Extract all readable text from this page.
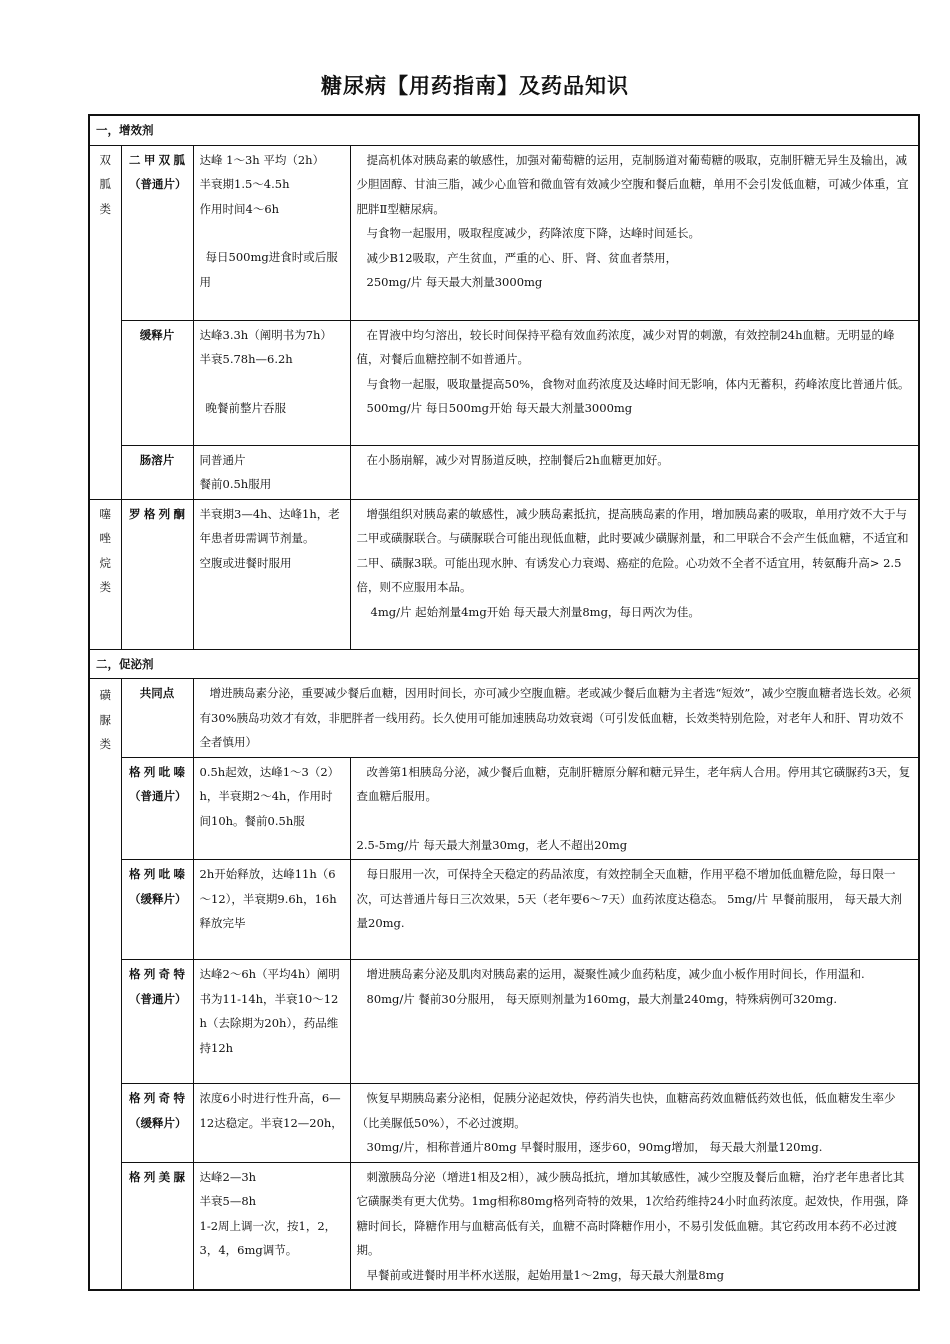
糖尿病【用药指南】及药品知识
一，增效剂			

双胍类	二甲双胍（普通片）	达峰 1～3h 平均（2h）
半衰期1.5～4.5h
作用时间4～6h
每日500mg进食时或后服用	提高机体对胰岛素的敏感性，加强对葡萄糖的运用，克制肠道对葡萄糖的吸取，克制肝糖无异生及输出，减少胆固醇、甘油三脂，减少心血管和微血管有效减少空腹和餐后血糖，单用不会引发低血糖，可减少体重，宜肥胖Ⅱ型糖尿病。
与食物一起服用，吸取程度减少，药降浓度下降，达峰时间延长。
减少B12吸取，产生贫血，严重的心、肝、肾、贫血者禁用，
250mg/片 每天最大剂量3000mg

	缓释片	达峰3.3h（阐明书为7h）
半衰5.78h—6.2h
晚餐前整片吞服	在胃液中均匀溶出，较长时间保持平稳有效血药浓度，减少对胃的刺激，有效控制24h血糖。无明显的峰值，对餐后血糖控制不如普通片。
与食物一起服，吸取量提高50%，食物对血药浓度及达峰时间无影响，体内无蓄积，药峰浓度比普通片低。
500mg/片 每日500mg开始 每天最大剂量3000mg

	肠溶片	同普通片
餐前0.5h服用	在小肠崩解，减少对胃肠道反映，控制餐后2h血糖更加好。

噻唑烷类	罗格列酮	半衰期3—4h、达峰1h，老年患者毋需调节剂量。
空腹或进餐时服用	增强组织对胰岛素的敏感性，减少胰岛素抵抗，提高胰岛素的作用，增加胰岛素的吸取，单用疗效不大于与二甲或磺脲联合。与磺脲联合可能出现低血糖，此时要减少磺脲剂量，和二甲联合不会产生低血糖，不适宜和二甲、磺脲3联。可能出现水肿、有诱发心力衰竭、癌症的危险。心功效不全者不适宜用，转氨酶升高> 2.5倍，则不应服用本品。
4mg/片 起始剂量4mg开始 每天最大剂量8mg，每日两次为佳。

二，促泌剂			

磺脲类	共同点	增进胰岛素分泌，重要减少餐后血糖，因用时间长，亦可减少空腹血糖。老或减少餐后血糖为主者选“短效”，减少空腹血糖者选长效。必须有30%胰岛功效才有效，非肥胖者一线用药。长久使用可能加速胰岛功效衰竭（可引发低血糖，长效类特别危险，对老年人和肝、胃功效不全者慎用）	

	格列吡嗪（普通片）	0.5h起效，达峰1～3（2）h，半衰期2～4h，作用时间10h。餐前0.5h服	改善第1相胰岛分泌，减少餐后血糖，克制肝糖原分解和糖元异生，老年病人合用。停用其它磺脲药3天，复查血糖后服用。
2.5-5mg/片 每天最大剂量30mg，老人不超出20mg

	格列吡嗪（缓释片）	2h开始释放，达峰11h（6～12），半衰期9.6h，16h释放完毕	每日服用一次，可保持全天稳定的药品浓度，有效控制全天血糖，作用平稳不增加低血糖危险，每日限一次，可达普通片每日三次效果，5天（老年要6～7天）血药浓度达稳态。 5mg/片 早餐前服用， 每天最大剂量20mg.

	格列奇特（普通片）	达峰2～6h（平均4h）阐明书为11-14h，半衰10～12h（去除期为20h），药品维持12h	增进胰岛素分泌及肌肉对胰岛素的运用，凝聚性减少血药粘度，减少血小板作用时间长，作用温和.
80mg/片 餐前30分服用， 每天原则剂量为160mg，最大剂量240mg，特殊病例可320mg.

	格列奇特（缓释片）	浓度6小时进行性升高，6—12达稳定。半衰12—20h，	恢复早期胰岛素分泌相，促胰分泌起效快，停药消失也快，血糖高药效血糖低药效也低，低血糖发生率少（比美脲低50%），不必过渡期。
30mg/片，相称普通片80mg 早餐时服用，逐步60，90mg增加， 每天最大剂量120mg.

	格列美脲	达峰2—3h
半衰5—8h
1-2周上调一次，按1，2，3，4，6mg调节。	刺激胰岛分泌（增进1相及2相），减少胰岛抵抗，增加其敏感性，减少空腹及餐后血糖，治疗老年患者比其它磺脲类有更大优势。1mg相称80mg格列奇特的效果，1次给药维持24小时血药浓度。起效快，作用强，降糖时间长，降糖作用与血糖高低有关，血糖不高时降糖作用小，不易引发低血糖。其它药改用本药不必过渡期。
早餐前或进餐时用半杯水送服，起始用量1～2mg，每天最大剂量8mg
